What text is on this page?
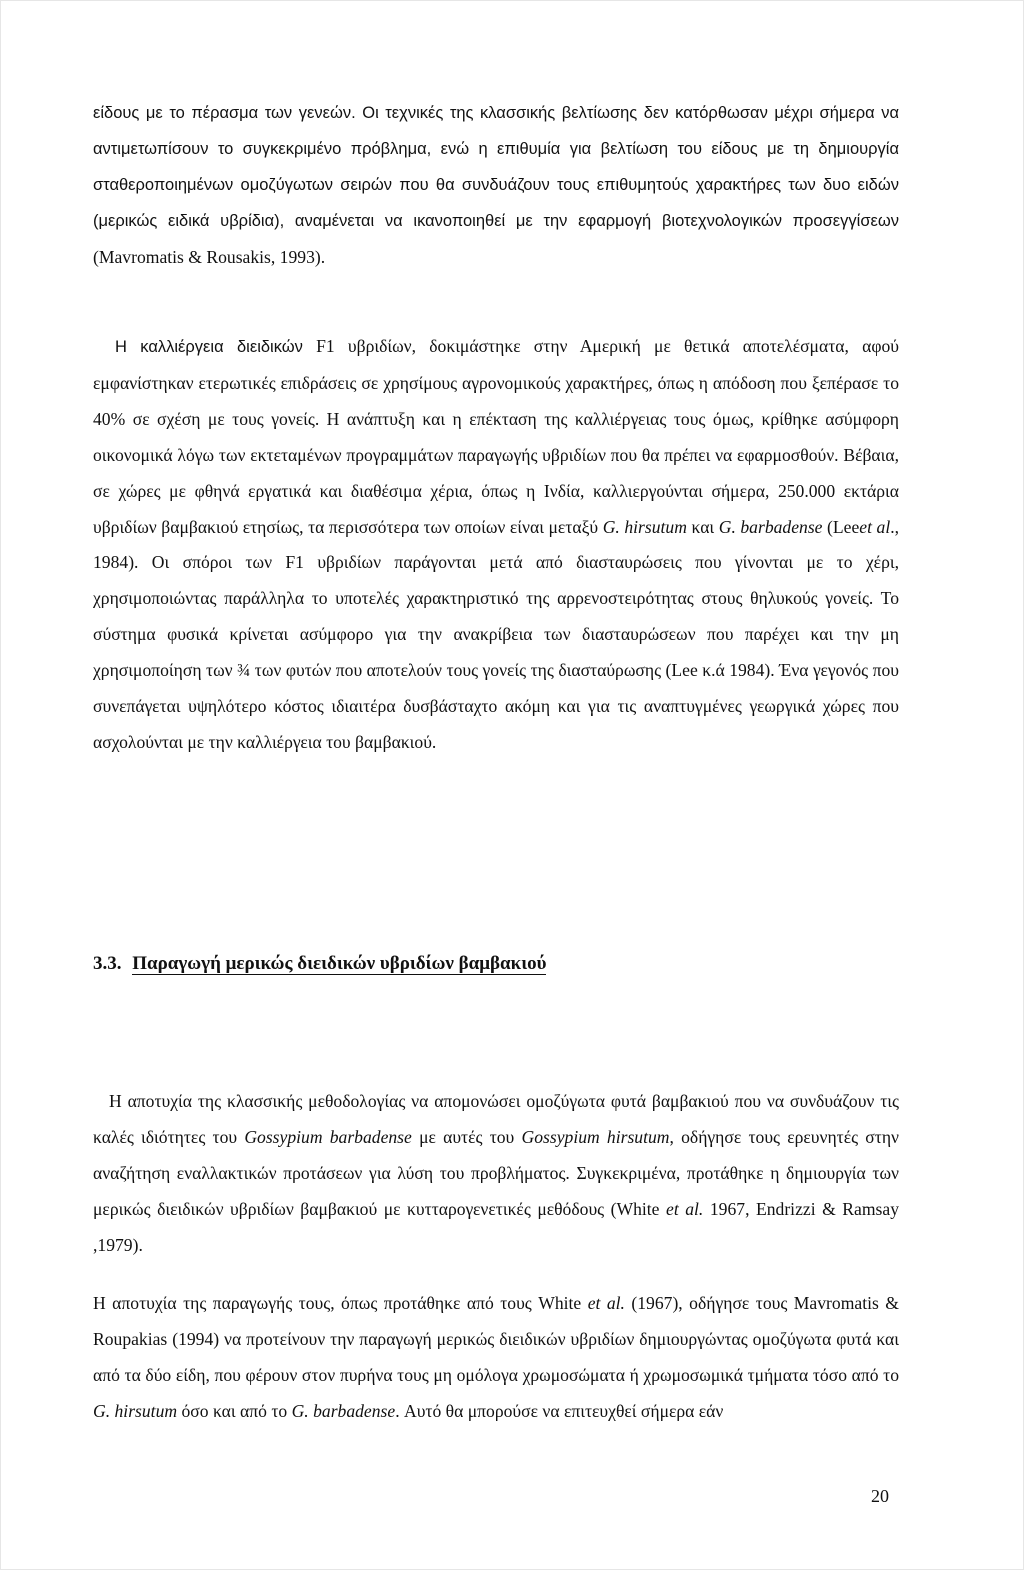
είδους με το πέρασμα των γενεών. Οι τεχνικές της κλασσικής βελτίωσης δεν κατόρθωσαν μέχρι σήμερα να αντιμετωπίσουν το συγκεκριμένο πρόβλημα, ενώ η επιθυμία για βελτίωση του είδους με τη δημιουργία σταθεροποιημένων ομοζύγωτων σειρών που θα συνδυάζουν τους επιθυμητούς χαρακτήρες των δυο ειδών (μερικώς ειδικά υβρίδια), αναμένεται να ικανοποιηθεί με την εφαρμογή βιοτεχνολογικών προσεγγίσεων (Mavromatis & Rousakis, 1993).

Η καλλιέργεια διειδικών F1 υβριδίων, δοκιμάστηκε στην Αμερική με θετικά αποτελέσματα, αφού εμφανίστηκαν ετερωτικές επιδράσεις σε χρησίμους αγρονομικούς χαρακτήρες, όπως η απόδοση που ξεπέρασε το 40% σε σχέση με τους γονείς. Η ανάπτυξη και η επέκταση της καλλιέργειας τους όμως, κρίθηκε ασύμφορη οικονομικά λόγω των εκτεταμένων προγραμμάτων παραγωγής υβριδίων που θα πρέπει να εφαρμοσθούν. Βέβαια, σε χώρες με φθηνά εργατικά και διαθέσιμα χέρια, όπως η Ινδία, καλλιεργούνται σήμερα, 250.000 εκτάρια υβριδίων βαμβακιού ετησίως, τα περισσότερα των οποίων είναι μεταξύ G. hirsutum και G. barbadense (Leeet al., 1984). Οι σπόροι των F1 υβριδίων παράγονται μετά από διασταυρώσεις που γίνονται με το χέρι, χρησιμοποιώντας παράλληλα το υποτελές χαρακτηριστικό της αρρενοστειρότητας στους θηλυκούς γονείς. Το σύστημα φυσικά κρίνεται ασύμφορο για την ανακρίβεια των διασταυρώσεων που παρέχει και την μη χρησιμοποίηση των ¾ των φυτών που αποτελούν τους γονείς της διασταύρωσης (Lee κ.ά 1984). Ένα γεγονός που συνεπάγεται υψηλότερο κόστος ιδιαιτέρα δυσβάσταχτο ακόμη και για τις αναπτυγμένες γεωργικά χώρες που ασχολούνται με την καλλιέργεια του βαμβακιού.

3.3. Παραγωγή μερικώς διειδικών υβριδίων βαμβακιού

Η αποτυχία της κλασσικής μεθοδολογίας να απομονώσει ομοζύγωτα φυτά βαμβακιού που να συνδυάζουν τις καλές ιδιότητες του Gossypium barbadense με αυτές του Gossypium hirsutum, οδήγησε τους ερευνητές στην αναζήτηση εναλλακτικών προτάσεων για λύση του προβλήματος. Συγκεκριμένα, προτάθηκε η δημιουργία των μερικώς διειδικών υβριδίων βαμβακιού με κυτταρογενετικές μεθόδους (White et al. 1967, Endrizzi & Ramsay ,1979).

Η αποτυχία της παραγωγής τους, όπως προτάθηκε από τους White et al. (1967), οδήγησε τους Mavromatis & Roupakias (1994) να προτείνουν την παραγωγή μερικώς διειδικών υβριδίων δημιουργώντας ομοζύγωτα φυτά και από τα δύο είδη, που φέρουν στον πυρήνα τους μη ομόλογα χρωμοσώματα ή χρωμοσωμικά τμήματα τόσο από το G. hirsutum όσο και από το G. barbadense. Αυτό θα μπορούσε να επιτευχθεί σήμερα εάν

20
